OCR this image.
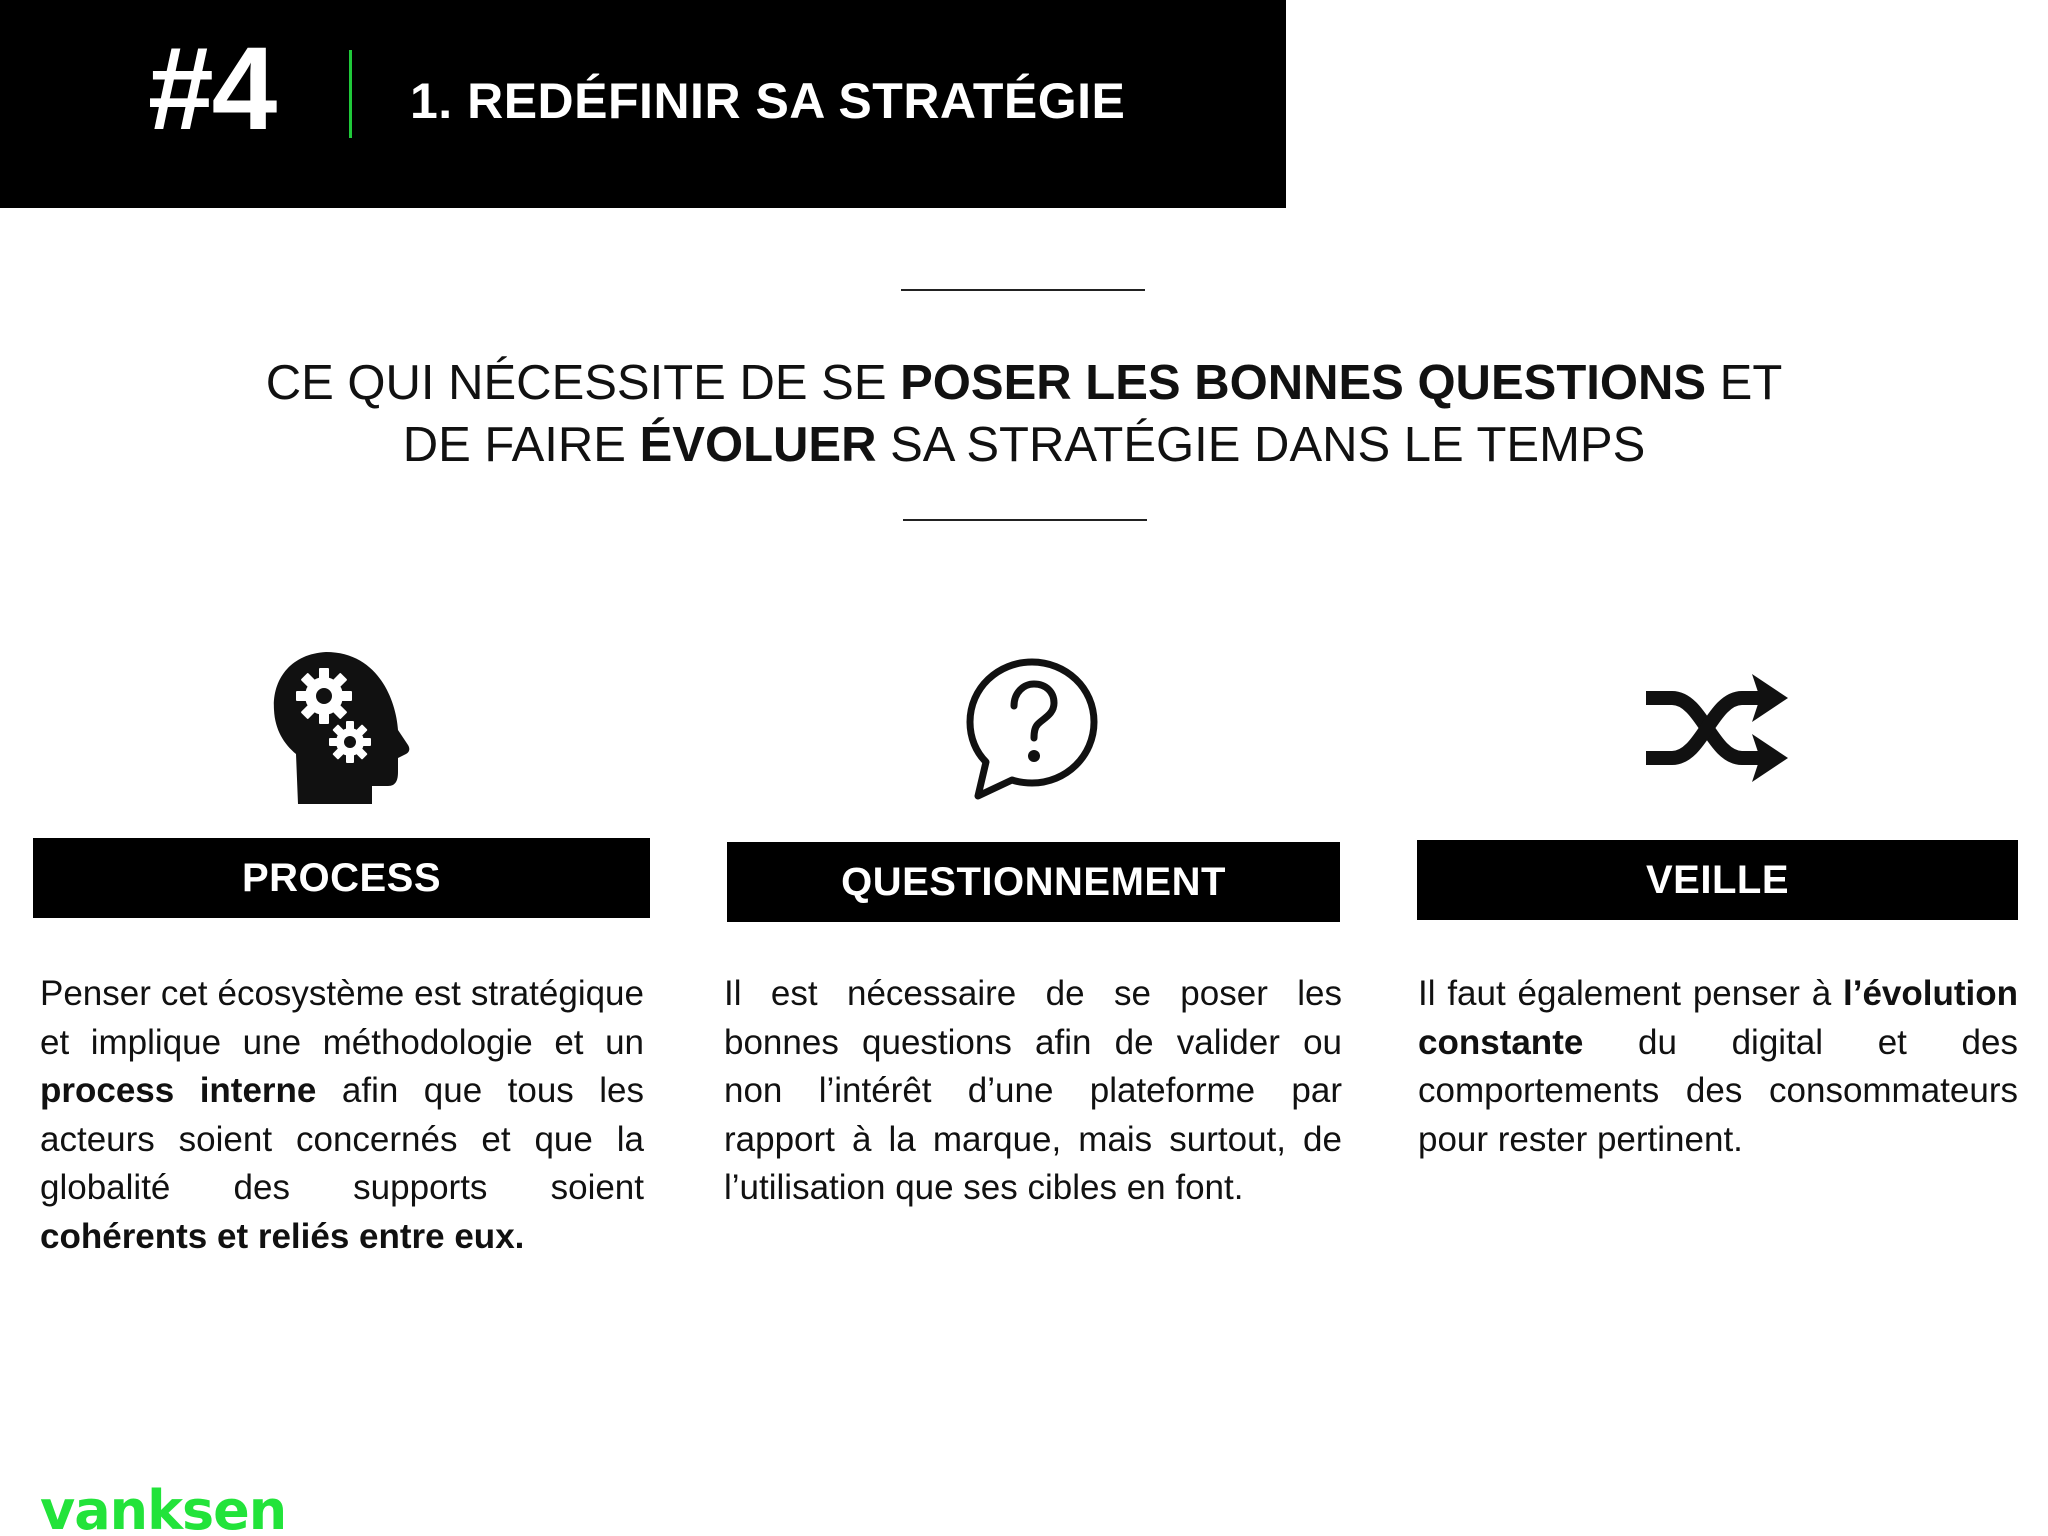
#4	1. REDÉFINIR SA STRATÉGIE
CE QUI NÉCESSITE DE SE POSER LES BONNES QUESTIONS ET
DE FAIRE ÉVOLUER SA STRATÉGIE DANS LE TEMPS
PROCESS
Penser cet écosystème est stratégique et implique une méthodologie et un process interne afin que tous les acteurs soient concernés et que la globalité des supports soient cohérents et reliés entre eux.
QUESTIONNEMENT
Il est nécessaire de se poser les bonnes questions afin de valider ou non l’intérêt d’une plateforme par rapport à la marque, mais surtout, de l’utilisation que ses cibles en font.
VEILLE
Il faut également penser à l’évolution constante du digital et des comportements des consommateurs pour rester pertinent.
vanksen
